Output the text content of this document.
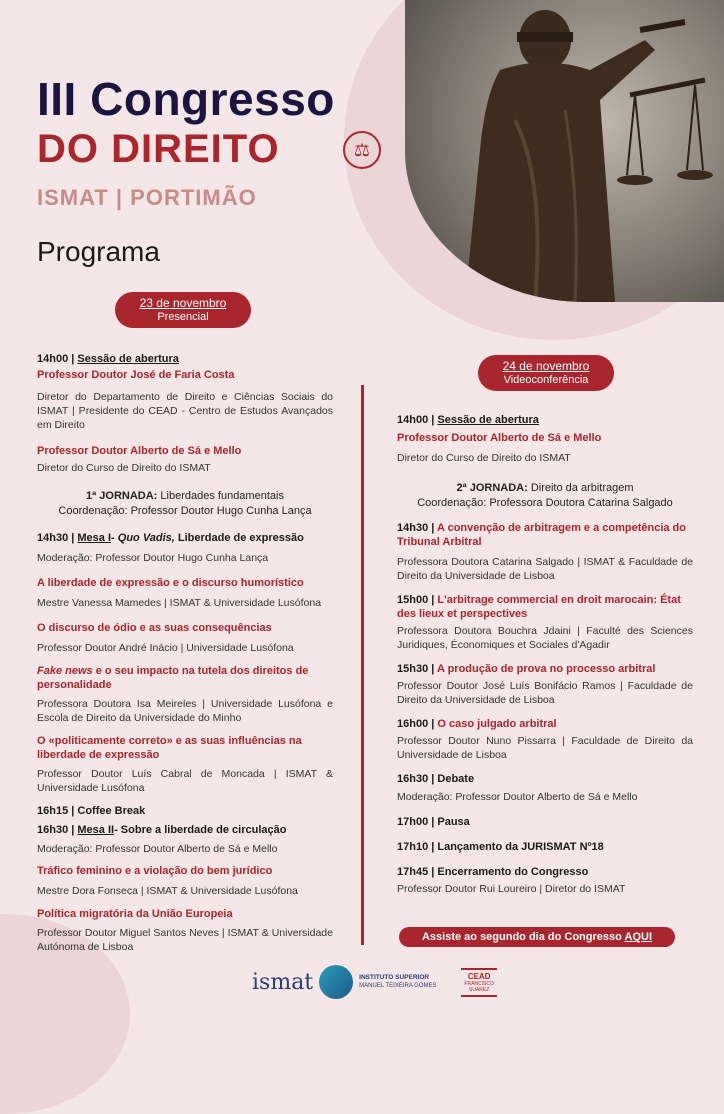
III Congresso
DO DIREITO	⚖
ISMAT | PORTIMÃO
Programa
23 de novembro
Presencial
24 de novembro
Videoconferência
14h00 | Sessão de abertura
Professor Doutor José de Faria Costa
Diretor do Departamento de Direito e Ciências Sociais do ISMAT | Presidente do CEAD - Centro de Estudos Avançados em Direito
Professor Doutor Alberto de Sá e Mello
Diretor do Curso de Direito do ISMAT
1ª JORNADA: Liberdades fundamentais
Coordenação: Professor Doutor Hugo Cunha Lança
14h30 | Mesa I- Quo Vadis, Liberdade de expressão
Moderação: Professor Doutor Hugo Cunha Lança
A liberdade de expressão e o discurso humorístico
Mestre Vanessa Mamedes | ISMAT & Universidade Lusófona
O discurso de ódio e as suas consequências
Professor Doutor André Inácio | Universidade Lusófona
Fake news e o seu impacto na tutela dos direitos de personalidade
Professora Doutora Isa Meireles | Universidade Lusófona e Escola de Direito da Universidade do Minho
O «politicamente correto» e as suas influências na liberdade de expressão
Professor Doutor Luís Cabral de Moncada | ISMAT & Universidade Lusófona
16h15 | Coffee Break
16h30 | Mesa II- Sobre a liberdade de circulação
Moderação: Professor Doutor Alberto de Sá e Mello
Tráfico feminino e a violação do bem jurídico
Mestre Dora Fonseca | ISMAT & Universidade Lusófona
Política migratória da União Europeia
Professor Doutor Miguel Santos Neves | ISMAT & Universidade Autónoma de Lisboa
14h00 | Sessão de abertura
Professor Doutor Alberto de Sá e Mello
Diretor do Curso de Direito do ISMAT
2ª JORNADA: Direito da arbitragem
Coordenação: Professora Doutora Catarina Salgado
14h30 | A convenção de arbitragem e a competência do Tribunal Arbitral
Professora Doutora Catarina Salgado | ISMAT & Faculdade de Direito da Universidade de Lisboa
15h00 | L'arbitrage commercial en droit marocain: État des lieux et perspectives
Professora Doutora Bouchra Jdaini | Faculté des Sciences Juridiques, Économiques et Sociales d'Agadir
15h30 | A produção de prova no processo arbitral
Professor Doutor José Luís Bonifácio Ramos | Faculdade de Direito da Universidade de Lisboa
16h00 | O caso julgado arbitral
Professor Doutor Nuno Pissarra | Faculdade de Direito da Universidade de Lisboa
16h30 | Debate
Moderação: Professor Doutor Alberto de Sá e Mello
17h00 | Pausa
17h10 | Lançamento da JURISMAT Nº18
17h45 | Encerramento do Congresso
Professor Doutor Rui Loureiro | Diretor do ISMAT
Assiste ao segundo dia do Congresso AQUI
ismat	INSTITUTO SUPERIOR
MANUEL TEIXEIRA GOMES
CEAD
FRANCISCO SUÁREZ
